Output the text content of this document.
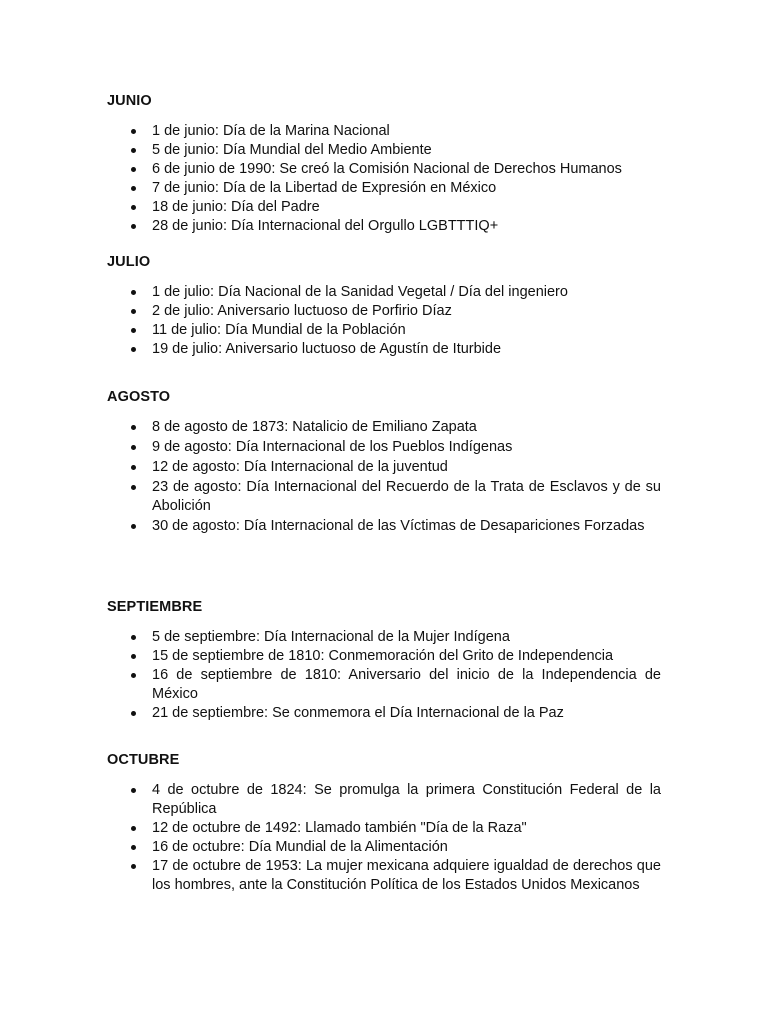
JUNIO
1 de junio: Día de la Marina Nacional
5 de junio: Día Mundial del Medio Ambiente
6 de junio de 1990: Se creó la Comisión Nacional de Derechos Humanos
7 de junio: Día de la Libertad de Expresión en México
18 de junio: Día del Padre
28 de junio: Día Internacional del Orgullo LGBTTTIQ+
JULIO
1 de julio: Día Nacional de la Sanidad Vegetal / Día del ingeniero
2 de julio: Aniversario luctuoso de Porfirio Díaz
11 de julio: Día Mundial de la Población
19 de julio: Aniversario luctuoso de Agustín de Iturbide
AGOSTO
8 de agosto de 1873: Natalicio de Emiliano Zapata
9 de agosto: Día Internacional de los Pueblos Indígenas
12 de agosto: Día Internacional de la juventud
23 de agosto: Día Internacional del Recuerdo de la Trata de Esclavos y de su Abolición
30 de agosto: Día Internacional de las Víctimas de Desapariciones Forzadas
SEPTIEMBRE
5 de septiembre: Día Internacional de la Mujer Indígena
15 de septiembre de 1810: Conmemoración del Grito de Independencia
16 de septiembre de 1810: Aniversario del inicio de la Independencia de México
21 de septiembre: Se conmemora el Día Internacional de la Paz
OCTUBRE
4 de octubre de 1824: Se promulga la primera Constitución Federal de la República
12 de octubre de 1492: Llamado también "Día de la Raza"
16 de octubre: Día Mundial de la Alimentación
17 de octubre de 1953: La mujer mexicana adquiere igualdad de derechos que los hombres, ante la Constitución Política de los Estados Unidos Mexicanos
